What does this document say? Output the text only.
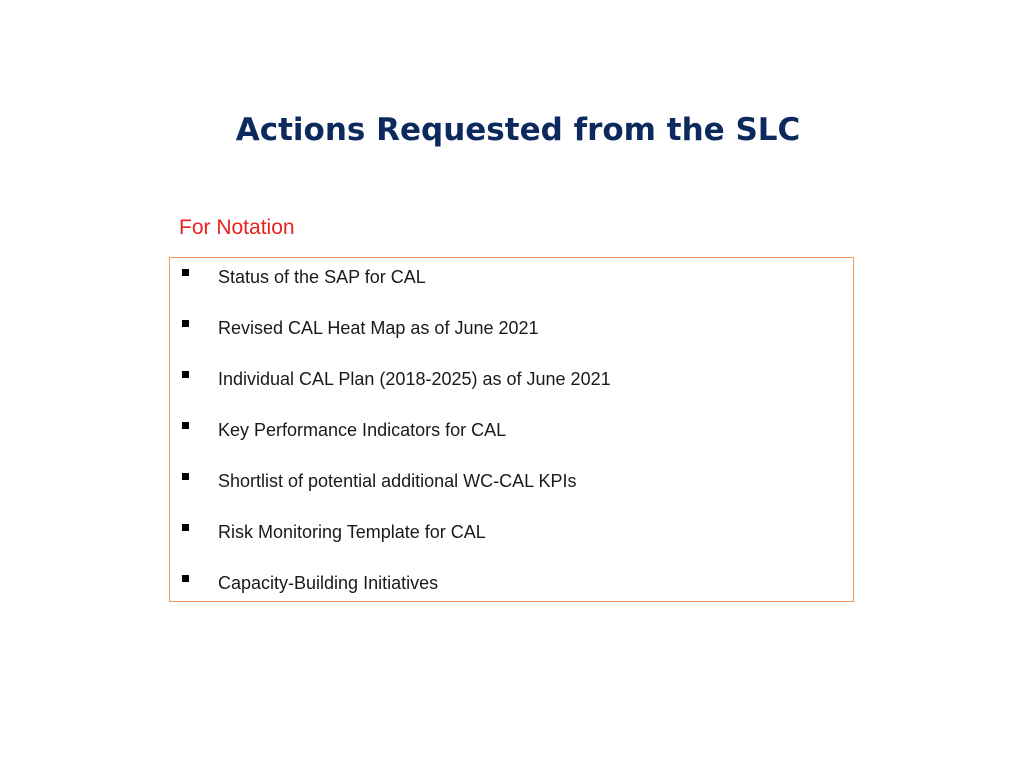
Actions Requested from the SLC
For Notation
Status of the SAP for CAL
Revised CAL Heat Map as of June 2021
Individual CAL Plan (2018-2025) as of June 2021
Key Performance Indicators for CAL
Shortlist of potential additional WC-CAL KPIs
Risk Monitoring Template for CAL
Capacity-Building Initiatives
